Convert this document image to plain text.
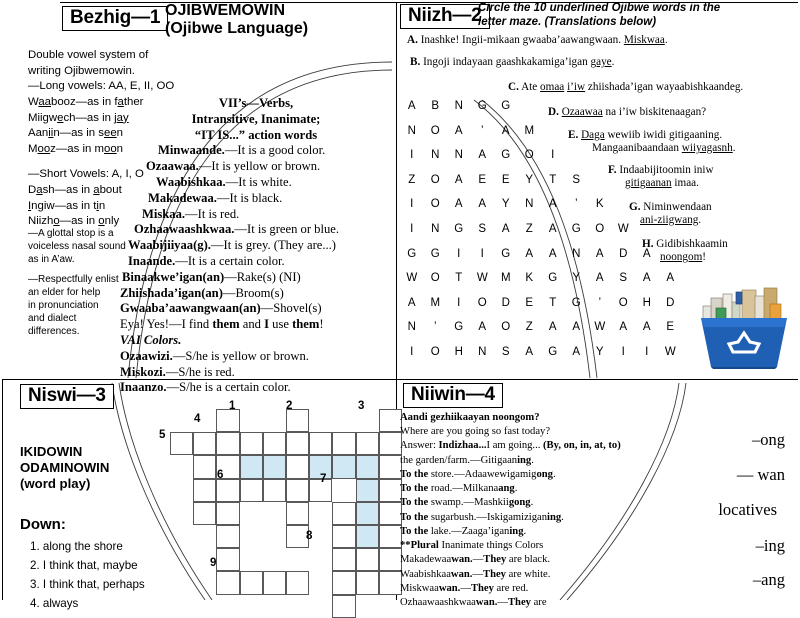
Bezhig—1 OJIBWEMOWIN
(Ojibwe Language)
Double vowel system of
writing Ojibwemowin.
—Long vowels: AA, E, II, OO
Waabooz—as in father
Miigwech—as in jay
Aaniin—as in seen
Mooz—as in moon
—Short Vowels: A, I, O
Dash—as in about
Ingiw—as in tin
Niizho—as in only
—A glottal stop is a
voiceless nasal sound
as in A’aw.
—Respectfully enlist
an elder for help
in pronunciation
and dialect
differences.
VII’s—Verbs,
Intransitive, Inanimate;
“IT IS...” action words
Minwaande.—It is a good color.
Ozaawaa.—It is yellow or brown.
Waabishkaa.—It is white.
Makadewaa.—It is black.
Miskaa.—It is red.
Ozhaawaashkwaa.—It is green or blue.
Waabijiiyaa(g).—It is grey. (They are...)
Inaande.—It is a certain color.
Binaakwe’igan(an)—Rake(s) (NI)
Zhiishada’igan(an)—Broom(s)
Gwaaba’aawangwaan(an)—Shovel(s)
Eya! Yes!—I find them and I use them!
VAI Colors.
Ozaawizi.—S/he is yellow or brown.
Miskozi.—S/he is red.
Inaanzo.—S/he is a certain color.
Niizh—2
Circle the 10 underlined Ojibwe words in the
letter maze. (Translations below)
A B N G G
N O A ’ A M
I N N A G O I
Z O A E E Y T S
I O A A Y N A ’ K
I N G S A Z A G O W
G G I I G A A N A D A
W O T W M K G Y A S A A
A M I O D E T G ’ O H D
N ’ G A O Z A A W A A E
I O H N S A G A Y I I W
A. Inashke! Ingii-mikaan gwaaba’aawangwaan. Miskwaa.
B. Ingoji indayaan gaashkakamiga’igan gaye.
C. Ate omaa i’iw zhiishada’igan wayaabishkaandeg.
D. Ozaawaa na i’iw biskitenaagan?
E. Daga wewiib iwidi gitigaaning.
Mangaanibaandaan wiiyagasnh.
F. Indaabijitoomin iniw
gitigaanan imaa.
G. Niminwendaan
ani-ziigwang.
H. Gidibishkaamin
noongom!
Niswi—3
IKIDOWIN
ODAMINOWIN
(word play)
Down:
1. along the shore
2. I think that, maybe
3. I think that, perhaps
4. always
1	2	3
4
5
6	7
8
9
Niiwin—4
Aandi gezhiikaayan noongom?
Where are you going so fast today?
Answer: Indizhaa...I am going... (By, on, in, at, to)
the garden/farm.—Gitigaaning.
To the store.—Adaawewigamigong.
To the road.—Milkanaang.
To the swamp.—Mashkiigong.
To the sugarbush.—Iskigamiziganing.
To the lake.—Zaaga’iganing.
**Plural Inanimate things Colors
Makadewaawan.—They are black.
Waabishkaawan.—They are white.
Miskwaawan.—They are red.
Ozhaawaashkwaawan.—They are
–ong
— wan
locatives
–ing
–ang
